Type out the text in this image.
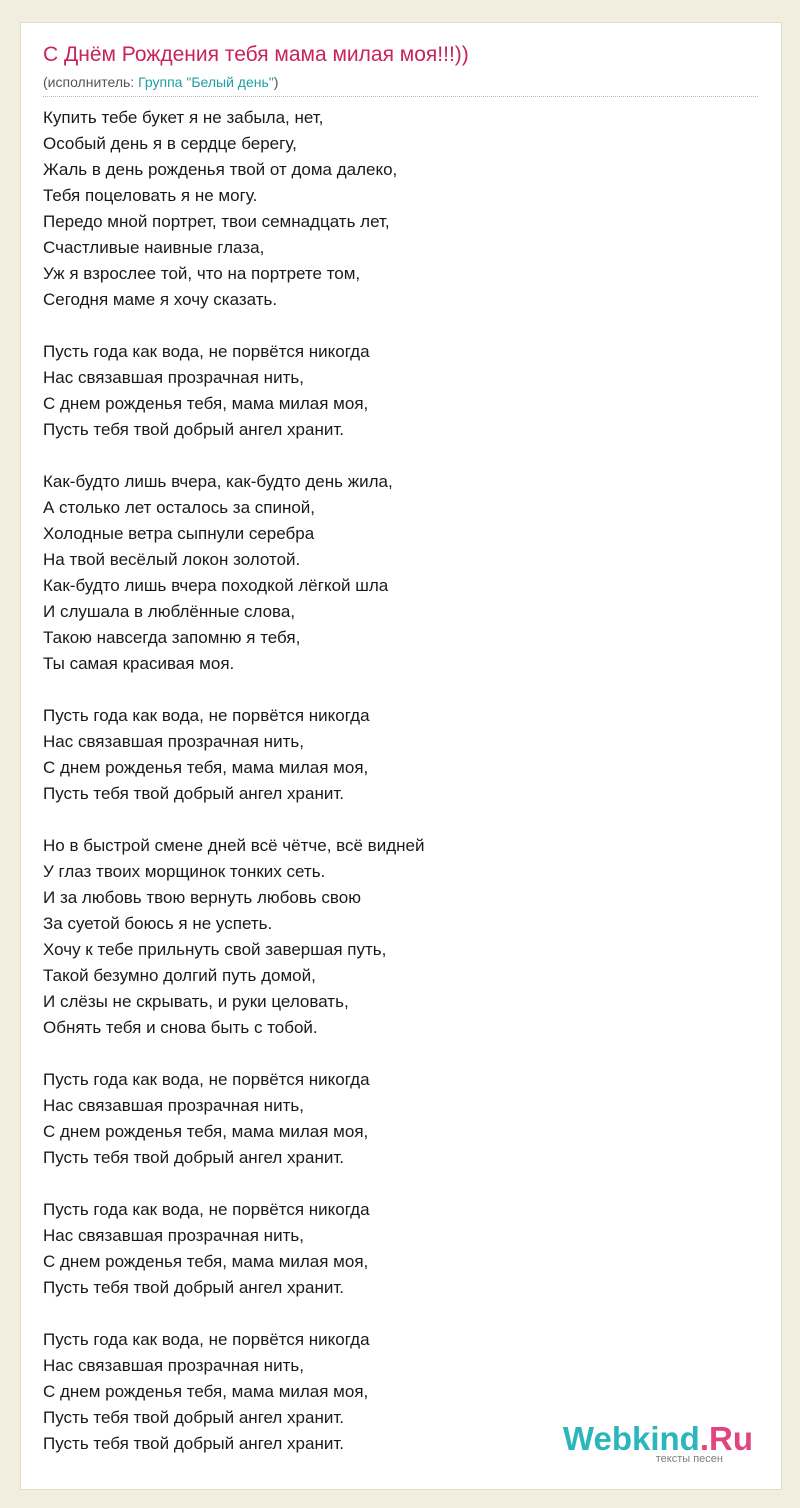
С Днём Рождения тебя мама милая моя!!!))
(исполнитель: Группа "Белый день")
Купить тебе букет я не забыла, нет,
Особый день я в сердце берегу,
Жаль в день рожденья твой от дома далеко,
Тебя поцеловать я не могу.
Передо мной портрет, твои семнадцать лет,
Счастливые наивные глаза,
Уж я взрослее той, что на портрете том,
Сегодня маме я хочу сказать.
Пусть года как вода, не порвётся никогда
Нас связавшая прозрачная нить,
С днем рожденья тебя, мама милая моя,
Пусть тебя твой добрый ангел хранит.
Как-будто лишь вчера, как-будто день жила,
А столько лет осталось за спиной,
Холодные ветра сыпнули серебра
На твой весёлый локон золотой.
Как-будто лишь вчера походкой лёгкой шла
И слушала в люблённые слова,
Такою навсегда запомню я тебя,
Ты самая красивая моя.
Пусть года как вода, не порвётся никогда
Нас связавшая прозрачная нить,
С днем рожденья тебя, мама милая моя,
Пусть тебя твой добрый ангел хранит.
Но в быстрой смене дней всё чётче, всё видней
У глаз твоих морщинок тонких сеть.
И за любовь твою вернуть любовь свою
За суетой боюсь я не успеть.
Хочу к тебе прильнуть свой завершая путь,
Такой безумно долгий путь домой,
И слёзы не скрывать, и руки целовать,
Обнять тебя и снова быть с тобой.
Пусть года как вода, не порвётся никогда
Нас связавшая прозрачная нить,
С днем рожденья тебя, мама милая моя,
Пусть тебя твой добрый ангел хранит.
Пусть года как вода, не порвётся никогда
Нас связавшая прозрачная нить,
С днем рожденья тебя, мама милая моя,
Пусть тебя твой добрый ангел хранит.
Пусть года как вода, не порвётся никогда
Нас связавшая прозрачная нить,
С днем рожденья тебя, мама милая моя,
Пусть тебя твой добрый ангел хранит.
Пусть тебя твой добрый ангел хранит.	Webkind.Ru
тексты песен
